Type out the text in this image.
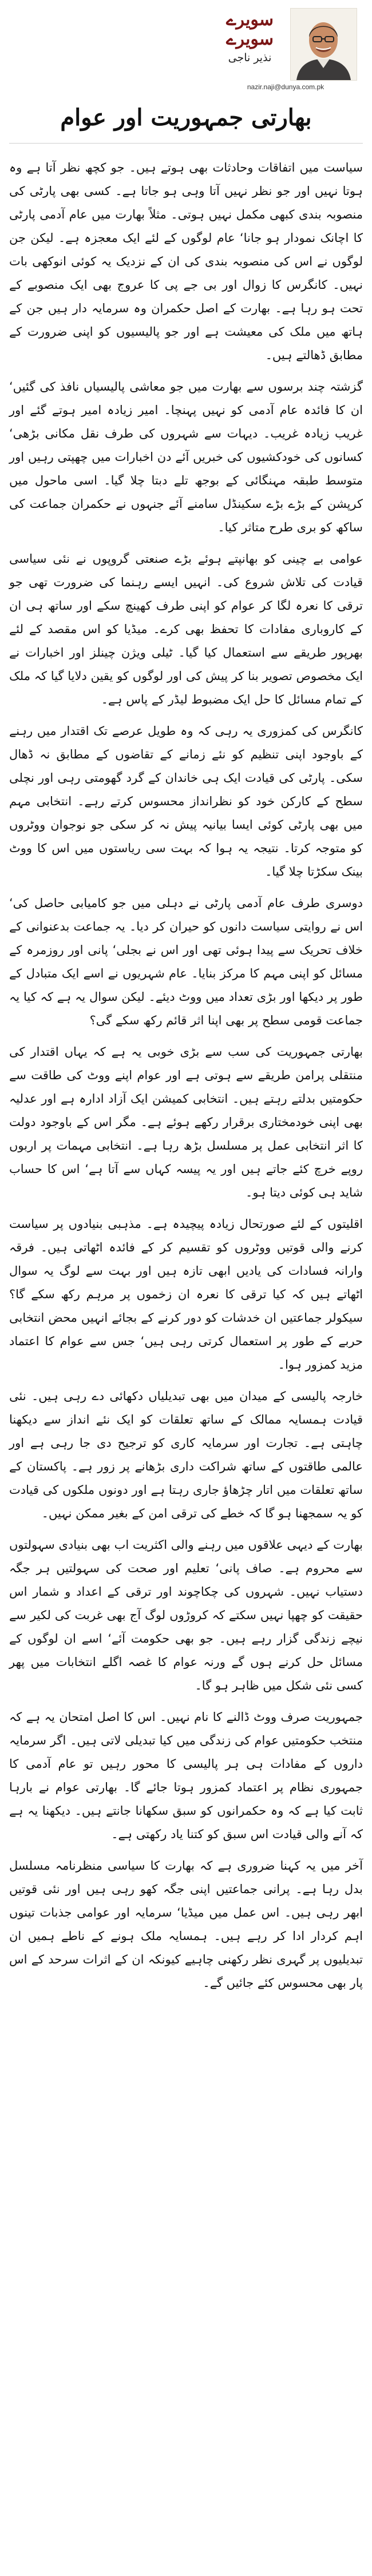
سویرے سویرے
نذیر ناجی
nazir.naji@dunya.com.pk
بھارتی جمہوریت اور عوام

سیاست میں اتفاقات وحادثات بھی ہوتے ہیں۔ جو کچھ نظر آتا ہے وہ ہوتا نہیں اور جو نظر نہیں آتا وہی ہو جاتا ہے۔ کسی بھی پارٹی کی منصوبہ بندی کبھی مکمل نہیں ہوتی۔ مثلاً بھارت میں عام آدمی پارٹی کا اچانک نمودار ہو جانا‘ عام لوگوں کے لئے ایک معجزہ ہے۔ لیکن جن لوگوں نے اس کی منصوبہ بندی کی ان کے نزدیک یہ کوئی انوکھی بات نہیں۔ کانگرس کا زوال اور بی جے پی کا عروج بھی ایک منصوبے کے تحت ہو رہا ہے۔ بھارت کے اصل حکمران وہ سرمایہ دار ہیں جن کے ہاتھ میں ملک کی معیشت ہے اور جو پالیسیوں کو اپنی ضرورت کے مطابق ڈھالتے ہیں۔

گزشتہ چند برسوں سے بھارت میں جو معاشی پالیسیاں نافذ کی گئیں‘ ان کا فائدہ عام آدمی کو نہیں پہنچا۔ امیر زیادہ امیر ہوتے گئے اور غریب زیادہ غریب۔ دیہات سے شہروں کی طرف نقل مکانی بڑھی‘ کسانوں کی خودکشیوں کی خبریں آئے دن اخبارات میں چھپتی رہیں اور متوسط طبقہ مہنگائی کے بوجھ تلے دبتا چلا گیا۔ اسی ماحول میں کرپشن کے بڑے بڑے سکینڈل سامنے آئے جنہوں نے حکمران جماعت کی ساکھ کو بری طرح متاثر کیا۔

عوامی بے چینی کو بھانپتے ہوئے بڑے صنعتی گروپوں نے نئی سیاسی قیادت کی تلاش شروع کی۔ انہیں ایسے رہنما کی ضرورت تھی جو ترقی کا نعرہ لگا کر عوام کو اپنی طرف کھینچ سکے اور ساتھ ہی ان کے کاروباری مفادات کا تحفظ بھی کرے۔ میڈیا کو اس مقصد کے لئے بھرپور طریقے سے استعمال کیا گیا۔ ٹیلی ویژن چینلز اور اخبارات نے ایک مخصوص تصویر بنا کر پیش کی اور لوگوں کو یقین دلایا گیا کہ ملک کے تمام مسائل کا حل ایک مضبوط لیڈر کے پاس ہے۔

کانگرس کی کمزوری یہ رہی کہ وہ طویل عرصے تک اقتدار میں رہنے کے باوجود اپنی تنظیم کو نئے زمانے کے تقاضوں کے مطابق نہ ڈھال سکی۔ پارٹی کی قیادت ایک ہی خاندان کے گرد گھومتی رہی اور نچلی سطح کے کارکن خود کو نظرانداز محسوس کرتے رہے۔ انتخابی مہم میں بھی پارٹی کوئی ایسا بیانیہ پیش نہ کر سکی جو نوجوان ووٹروں کو متوجہ کرتا۔ نتیجہ یہ ہوا کہ بہت سی ریاستوں میں اس کا ووٹ بینک سکڑتا چلا گیا۔

دوسری طرف عام آدمی پارٹی نے دہلی میں جو کامیابی حاصل کی‘ اس نے روایتی سیاست دانوں کو حیران کر دیا۔ یہ جماعت بدعنوانی کے خلاف تحریک سے پیدا ہوئی تھی اور اس نے بجلی‘ پانی اور روزمرہ کے مسائل کو اپنی مہم کا مرکز بنایا۔ عام شہریوں نے اسے ایک متبادل کے طور پر دیکھا اور بڑی تعداد میں ووٹ دیئے۔ لیکن سوال یہ ہے کہ کیا یہ جماعت قومی سطح پر بھی اپنا اثر قائم رکھ سکے گی؟

بھارتی جمہوریت کی سب سے بڑی خوبی یہ ہے کہ یہاں اقتدار کی منتقلی پرامن طریقے سے ہوتی ہے اور عوام اپنے ووٹ کی طاقت سے حکومتیں بدلتے رہتے ہیں۔ انتخابی کمیشن ایک آزاد ادارہ ہے اور عدلیہ بھی اپنی خودمختاری برقرار رکھے ہوئے ہے۔ مگر اس کے باوجود دولت کا اثر انتخابی عمل پر مسلسل بڑھ رہا ہے۔ انتخابی مہمات پر اربوں روپے خرچ کئے جاتے ہیں اور یہ پیسہ کہاں سے آتا ہے‘ اس کا حساب شاید ہی کوئی دیتا ہو۔

اقلیتوں کے لئے صورتحال زیادہ پیچیدہ ہے۔ مذہبی بنیادوں پر سیاست کرنے والی قوتیں ووٹروں کو تقسیم کر کے فائدہ اٹھاتی ہیں۔ فرقہ وارانہ فسادات کی یادیں ابھی تازہ ہیں اور بہت سے لوگ یہ سوال اٹھاتے ہیں کہ کیا ترقی کا نعرہ ان زخموں پر مرہم رکھ سکے گا؟ سیکولر جماعتیں ان خدشات کو دور کرنے کے بجائے انہیں محض انتخابی حربے کے طور پر استعمال کرتی رہی ہیں‘ جس سے عوام کا اعتماد مزید کمزور ہوا۔

خارجہ پالیسی کے میدان میں بھی تبدیلیاں دکھائی دے رہی ہیں۔ نئی قیادت ہمسایہ ممالک کے ساتھ تعلقات کو ایک نئے انداز سے دیکھنا چاہتی ہے۔ تجارت اور سرمایہ کاری کو ترجیح دی جا رہی ہے اور عالمی طاقتوں کے ساتھ شراکت داری بڑھانے پر زور ہے۔ پاکستان کے ساتھ تعلقات میں اتار چڑھاؤ جاری رہتا ہے اور دونوں ملکوں کی قیادت کو یہ سمجھنا ہو گا کہ خطے کی ترقی امن کے بغیر ممکن نہیں۔

بھارت کے دیہی علاقوں میں رہنے والی اکثریت اب بھی بنیادی سہولتوں سے محروم ہے۔ صاف پانی‘ تعلیم اور صحت کی سہولتیں ہر جگہ دستیاب نہیں۔ شہروں کی چکاچوند اور ترقی کے اعداد و شمار اس حقیقت کو چھپا نہیں سکتے کہ کروڑوں لوگ آج بھی غربت کی لکیر سے نیچے زندگی گزار رہے ہیں۔ جو بھی حکومت آئے‘ اسے ان لوگوں کے مسائل حل کرنے ہوں گے ورنہ عوام کا غصہ اگلے انتخابات میں پھر کسی نئی شکل میں ظاہر ہو گا۔

جمہوریت صرف ووٹ ڈالنے کا نام نہیں۔ اس کا اصل امتحان یہ ہے کہ منتخب حکومتیں عوام کی زندگی میں کیا تبدیلی لاتی ہیں۔ اگر سرمایہ داروں کے مفادات ہی ہر پالیسی کا محور رہیں تو عام آدمی کا جمہوری نظام پر اعتماد کمزور ہوتا جائے گا۔ بھارتی عوام نے بارہا ثابت کیا ہے کہ وہ حکمرانوں کو سبق سکھانا جانتے ہیں۔ دیکھنا یہ ہے کہ آنے والی قیادت اس سبق کو کتنا یاد رکھتی ہے۔

آخر میں یہ کہنا ضروری ہے کہ بھارت کا سیاسی منظرنامہ مسلسل بدل رہا ہے۔ پرانی جماعتیں اپنی جگہ کھو رہی ہیں اور نئی قوتیں ابھر رہی ہیں۔ اس عمل میں میڈیا‘ سرمایہ اور عوامی جذبات تینوں اہم کردار ادا کر رہے ہیں۔ ہمسایہ ملک ہونے کے ناطے ہمیں ان تبدیلیوں پر گہری نظر رکھنی چاہیے کیونکہ ان کے اثرات سرحد کے اس پار بھی محسوس کئے جائیں گے۔
